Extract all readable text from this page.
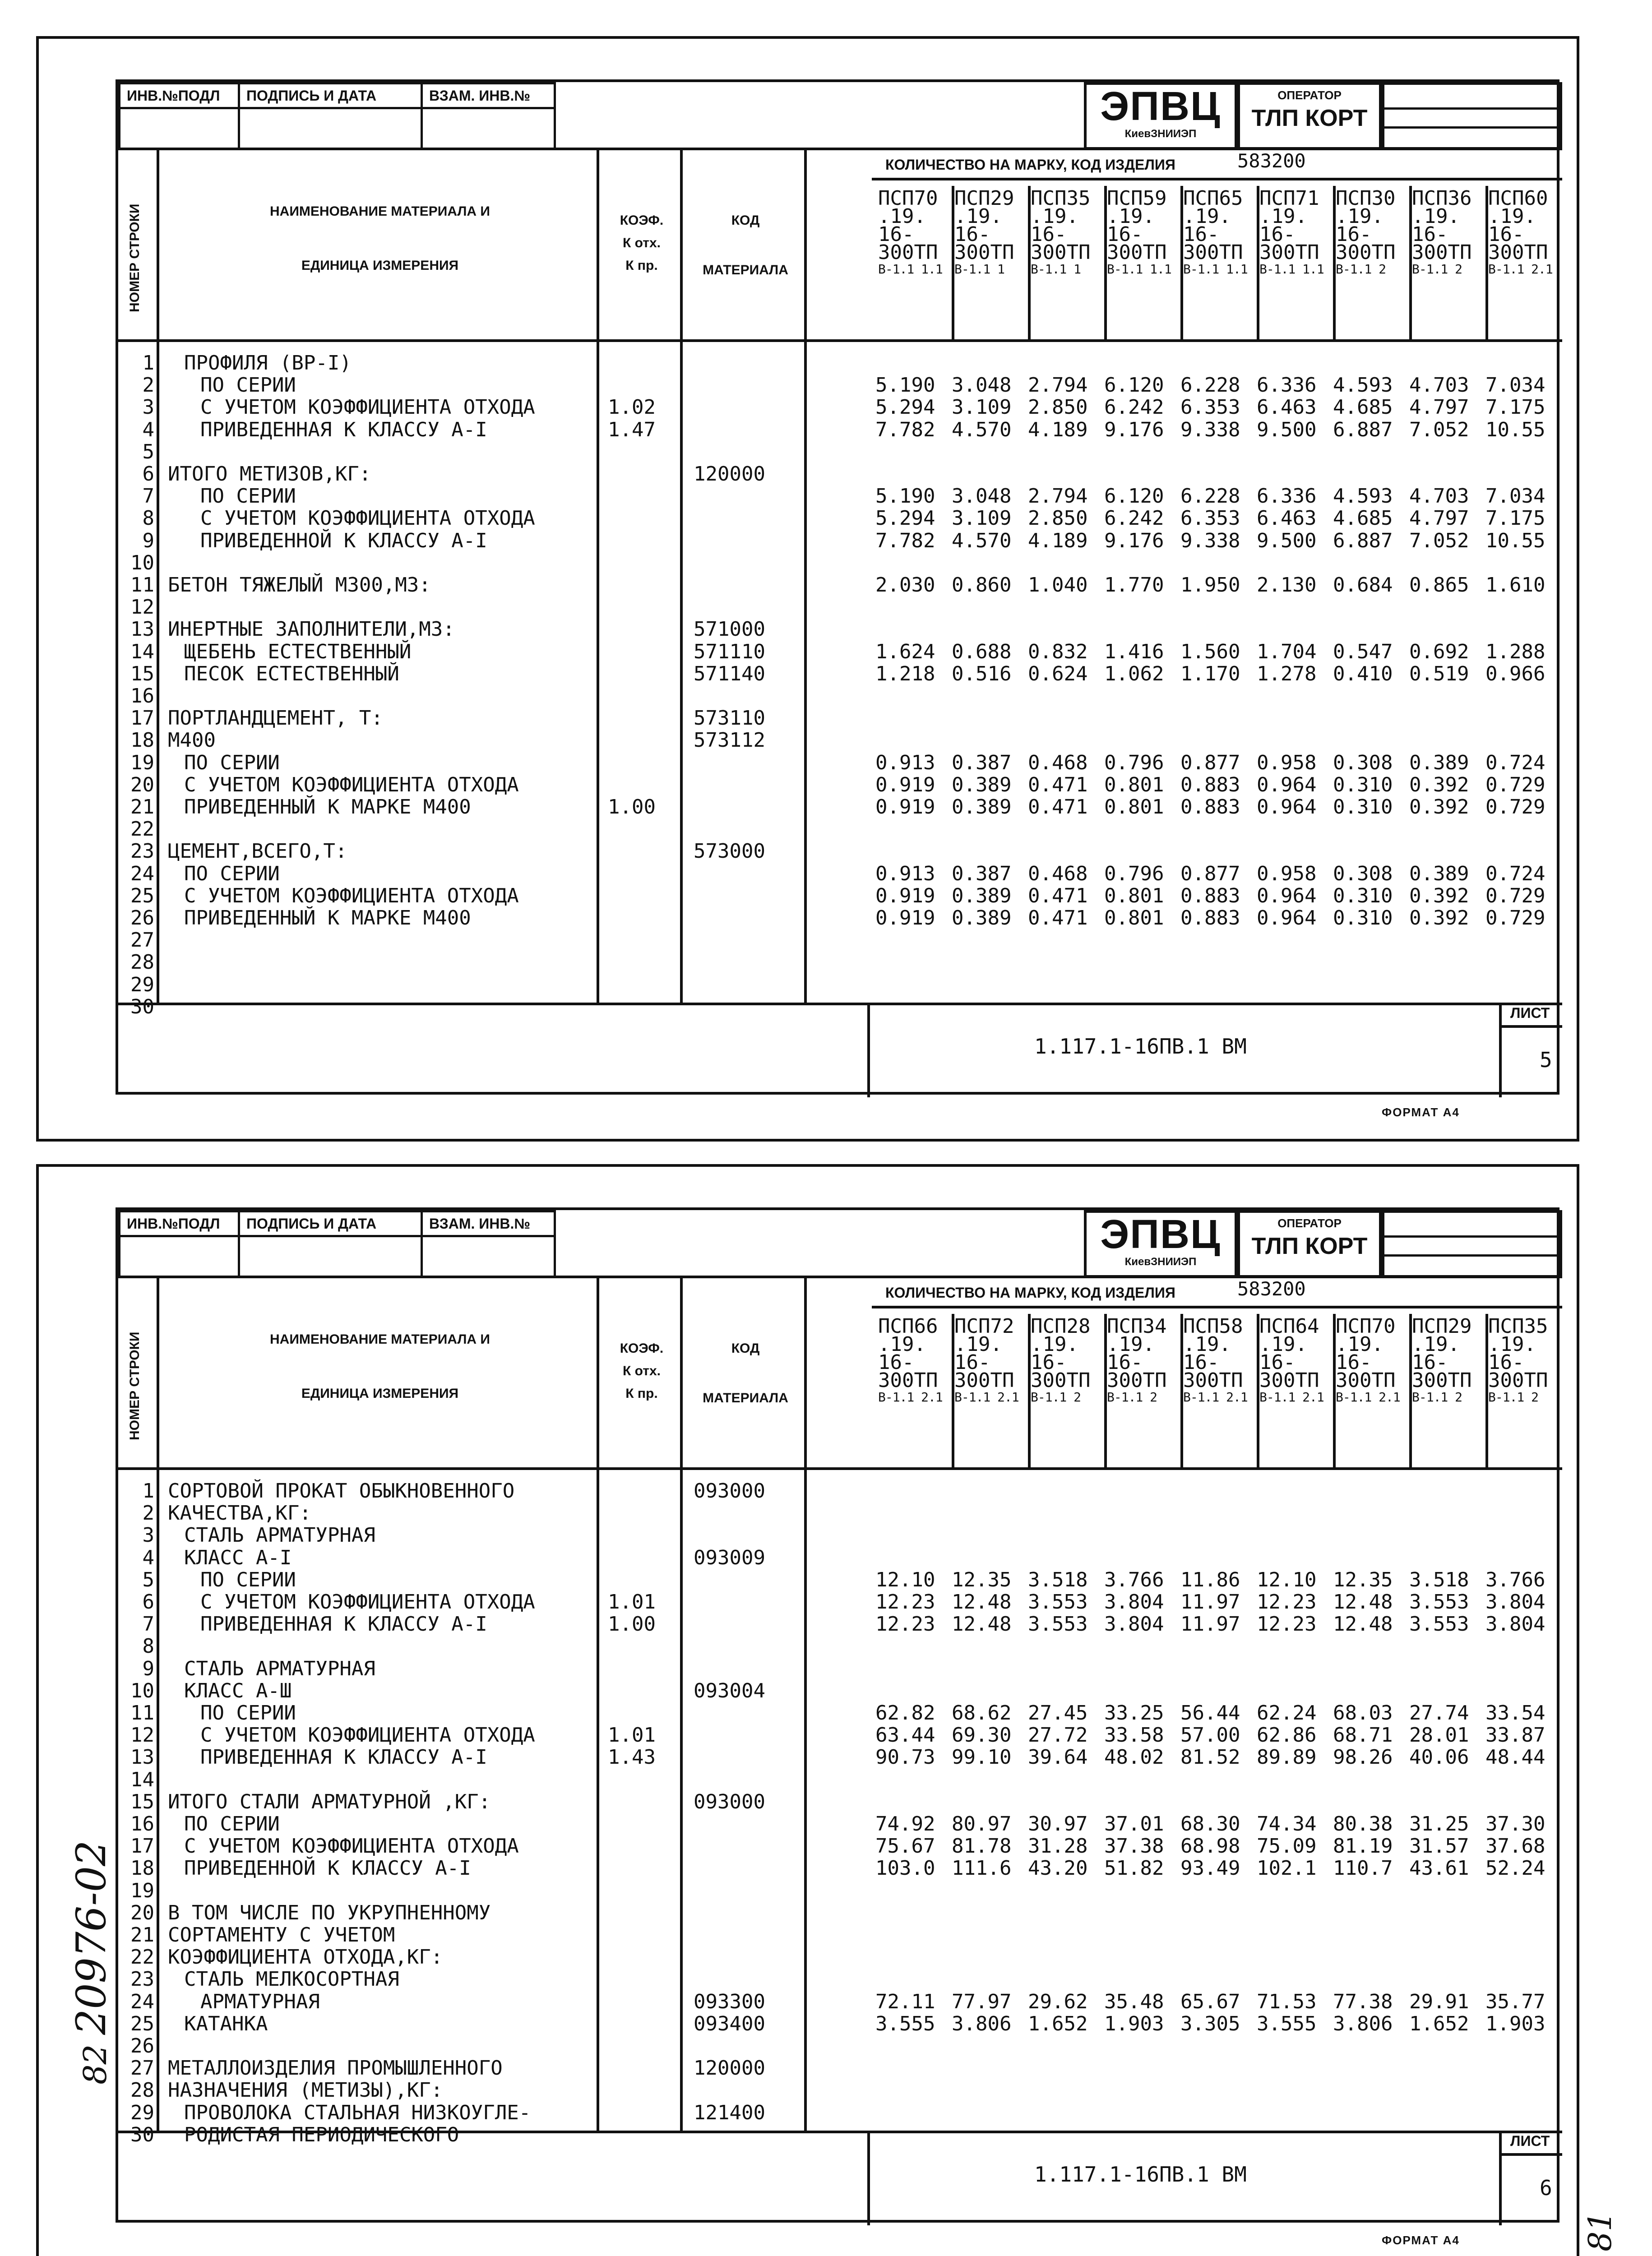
ИНВ.№ПОДЛ	ПОДПИСЬ И ДАТА	ВЗАМ. ИНВ.№	ЭПВЦ
КиевЗНИИЭП
ОПЕРАТОР
ТЛП КОРТ
НОМЕР СТРОКИ	НАИМЕНОВАНИЕ МАТЕРИАЛА И
ЕДИНИЦА ИЗМЕРЕНИЯ
КОЭФ.
К отх.
К пр.
КОД
МАТЕРИАЛА
КОЛИЧЕСТВО НА МАРКУ, КОД ИЗДЕЛИЯ	583200
ПСП70
.19.
16-
300ТП
В-1.1 1.1
ПСП29
.19.
16-
300ТП
В-1.1 1
ПСП35
.19.
16-
300ТП
В-1.1 1
ПСП59
.19.
16-
300ТП
В-1.1 1.1
ПСП65
.19.
16-
300ТП
В-1.1 1.1
ПСП71
.19.
16-
300ТП
В-1.1 1.1
ПСП30
.19.
16-
300ТП
В-1.1 2
ПСП36
.19.
16-
300ТП
В-1.1 2
ПСП60
.19.
16-
300ТП
В-1.1 2.1
1 ПРОФИЛЯ (ВР-I)
2 ПО СЕРИИ	5.190 3.048 2.794 6.120 6.228 6.336 4.593 4.703 7.034
3 С УЧЕТОМ КОЭФФИЦИЕНТА ОТХОДА	1.02	5.294 3.109 2.850 6.242 6.353 6.463 4.685 4.797 7.175
4 ПРИВЕДЕННАЯ К КЛАССУ А-I	1.47	7.782 4.570 4.189 9.176 9.338 9.500 6.887 7.052 10.55
5
6 ИТОГО МЕТИЗОВ,КГ:	120000
7 ПО СЕРИИ	5.190 3.048 2.794 6.120 6.228 6.336 4.593 4.703 7.034
8 С УЧЕТОМ КОЭФФИЦИЕНТА ОТХОДА	5.294 3.109 2.850 6.242 6.353 6.463 4.685 4.797 7.175
9 ПРИВЕДЕННОЙ К КЛАССУ А-I	7.782 4.570 4.189 9.176 9.338 9.500 6.887 7.052 10.55
10
11 БЕТОН ТЯЖЕЛЫЙ М300,М3:	2.030 0.860 1.040 1.770 1.950 2.130 0.684 0.865 1.610
12
13 ИНЕРТНЫЕ ЗАПОЛНИТЕЛИ,М3:	571000
14 ЩЕБЕНЬ ЕСТЕСТВЕННЫЙ	571110	1.624 0.688 0.832 1.416 1.560 1.704 0.547 0.692 1.288
15 ПЕСОК ЕСТЕСТВЕННЫЙ	571140	1.218 0.516 0.624 1.062 1.170 1.278 0.410 0.519 0.966
16
17 ПОРТЛАНДЦЕМЕНТ, Т:	573110
18 М400	573112
19 ПО СЕРИИ	0.913 0.387 0.468 0.796 0.877 0.958 0.308 0.389 0.724
20 С УЧЕТОМ КОЭФФИЦИЕНТА ОТХОДА	0.919 0.389 0.471 0.801 0.883 0.964 0.310 0.392 0.729
21 ПРИВЕДЕННЫЙ К МАРКЕ М400	1.00	0.919 0.389 0.471 0.801 0.883 0.964 0.310 0.392 0.729
22
23 ЦЕМЕНТ,ВСЕГО,Т:	573000
24 ПО СЕРИИ	0.913 0.387 0.468 0.796 0.877 0.958 0.308 0.389 0.724
25 С УЧЕТОМ КОЭФФИЦИЕНТА ОТХОДА	0.919 0.389 0.471 0.801 0.883 0.964 0.310 0.392 0.729
26 ПРИВЕДЕННЫЙ К МАРКЕ М400	0.919 0.389 0.471 0.801 0.883 0.964 0.310 0.392 0.729
27
28
29
30
1.117.1-16ПВ.1 ВМ
ЛИСТ
5
ФОРМАТ А4
ИНВ.№ПОДЛ	ПОДПИСЬ И ДАТА	ВЗАМ. ИНВ.№	ЭПВЦ
КиевЗНИИЭП
ОПЕРАТОР
ТЛП КОРТ
НОМЕР СТРОКИ	НАИМЕНОВАНИЕ МАТЕРИАЛА И
ЕДИНИЦА ИЗМЕРЕНИЯ
КОЭФ.
К отх.
К пр.
КОД
МАТЕРИАЛА
КОЛИЧЕСТВО НА МАРКУ, КОД ИЗДЕЛИЯ	583200
ПСП66
.19.
16-
300ТП
В-1.1 2.1
ПСП72
.19.
16-
300ТП
В-1.1 2.1
ПСП28
.19.
16-
300ТП
В-1.1 2
ПСП34
.19.
16-
300ТП
В-1.1 2
ПСП58
.19.
16-
300ТП
В-1.1 2.1
ПСП64
.19.
16-
300ТП
В-1.1 2.1
ПСП70
.19.
16-
300ТП
В-1.1 2.1
ПСП29
.19.
16-
300ТП
В-1.1 2
ПСП35
.19.
16-
300ТП
В-1.1 2
1 СОРТОВОЙ ПРОКАТ ОБЫКНОВЕННОГО	093000
2 КАЧЕСТВА,КГ:
3 СТАЛЬ АРМАТУРНАЯ
4 КЛАСС А-I	093009
5 ПО СЕРИИ	12.10 12.35 3.518 3.766 11.86 12.10 12.35 3.518 3.766
6 С УЧЕТОМ КОЭФФИЦИЕНТА ОТХОДА	1.01	12.23 12.48 3.553 3.804 11.97 12.23 12.48 3.553 3.804
7 ПРИВЕДЕННАЯ К КЛАССУ А-I	1.00	12.23 12.48 3.553 3.804 11.97 12.23 12.48 3.553 3.804
8
9 СТАЛЬ АРМАТУРНАЯ
10 КЛАСС А-Ш	093004
11 ПО СЕРИИ	62.82 68.62 27.45 33.25 56.44 62.24 68.03 27.74 33.54
12 С УЧЕТОМ КОЭФФИЦИЕНТА ОТХОДА	1.01	63.44 69.30 27.72 33.58 57.00 62.86 68.71 28.01 33.87
13 ПРИВЕДЕННАЯ К КЛАССУ А-I	1.43	90.73 99.10 39.64 48.02 81.52 89.89 98.26 40.06 48.44
14
15 ИТОГО СТАЛИ АРМАТУРНОЙ ,КГ:	093000
16 ПО СЕРИИ	74.92 80.97 30.97 37.01 68.30 74.34 80.38 31.25 37.30
17 С УЧЕТОМ КОЭФФИЦИЕНТА ОТХОДА	75.67 81.78 31.28 37.38 68.98 75.09 81.19 31.57 37.68
18 ПРИВЕДЕННОЙ К КЛАССУ А-I	103.0 111.6 43.20 51.82 93.49 102.1 110.7 43.61 52.24
19
20 В ТОМ ЧИСЛЕ ПО УКРУПНЕННОМУ
21 СОРТАМЕНТУ С УЧЕТОМ
22 КОЭФФИЦИЕНТА ОТХОДА,КГ:
23 СТАЛЬ МЕЛКОСОРТНАЯ
24 АРМАТУРНАЯ	093300	72.11 77.97 29.62 35.48 65.67 71.53 77.38 29.91 35.77
25 КАТАНКА	093400	3.555 3.806 1.652 1.903 3.305 3.555 3.806 1.652 1.903
26
27 МЕТАЛЛОИЗДЕЛИЯ ПРОМЫШЛЕННОГО	120000
28 НАЗНАЧЕНИЯ (МЕТИЗЫ),КГ:
29 ПРОВОЛОКА СТАЛЬНАЯ НИЗКОУГЛЕ-	121400
30 РОДИСТАЯ ПЕРИОДИЧЕСКОГО
1.117.1-16ПВ.1 ВМ
ЛИСТ
6
ФОРМАТ А4
20976-02
82
81
